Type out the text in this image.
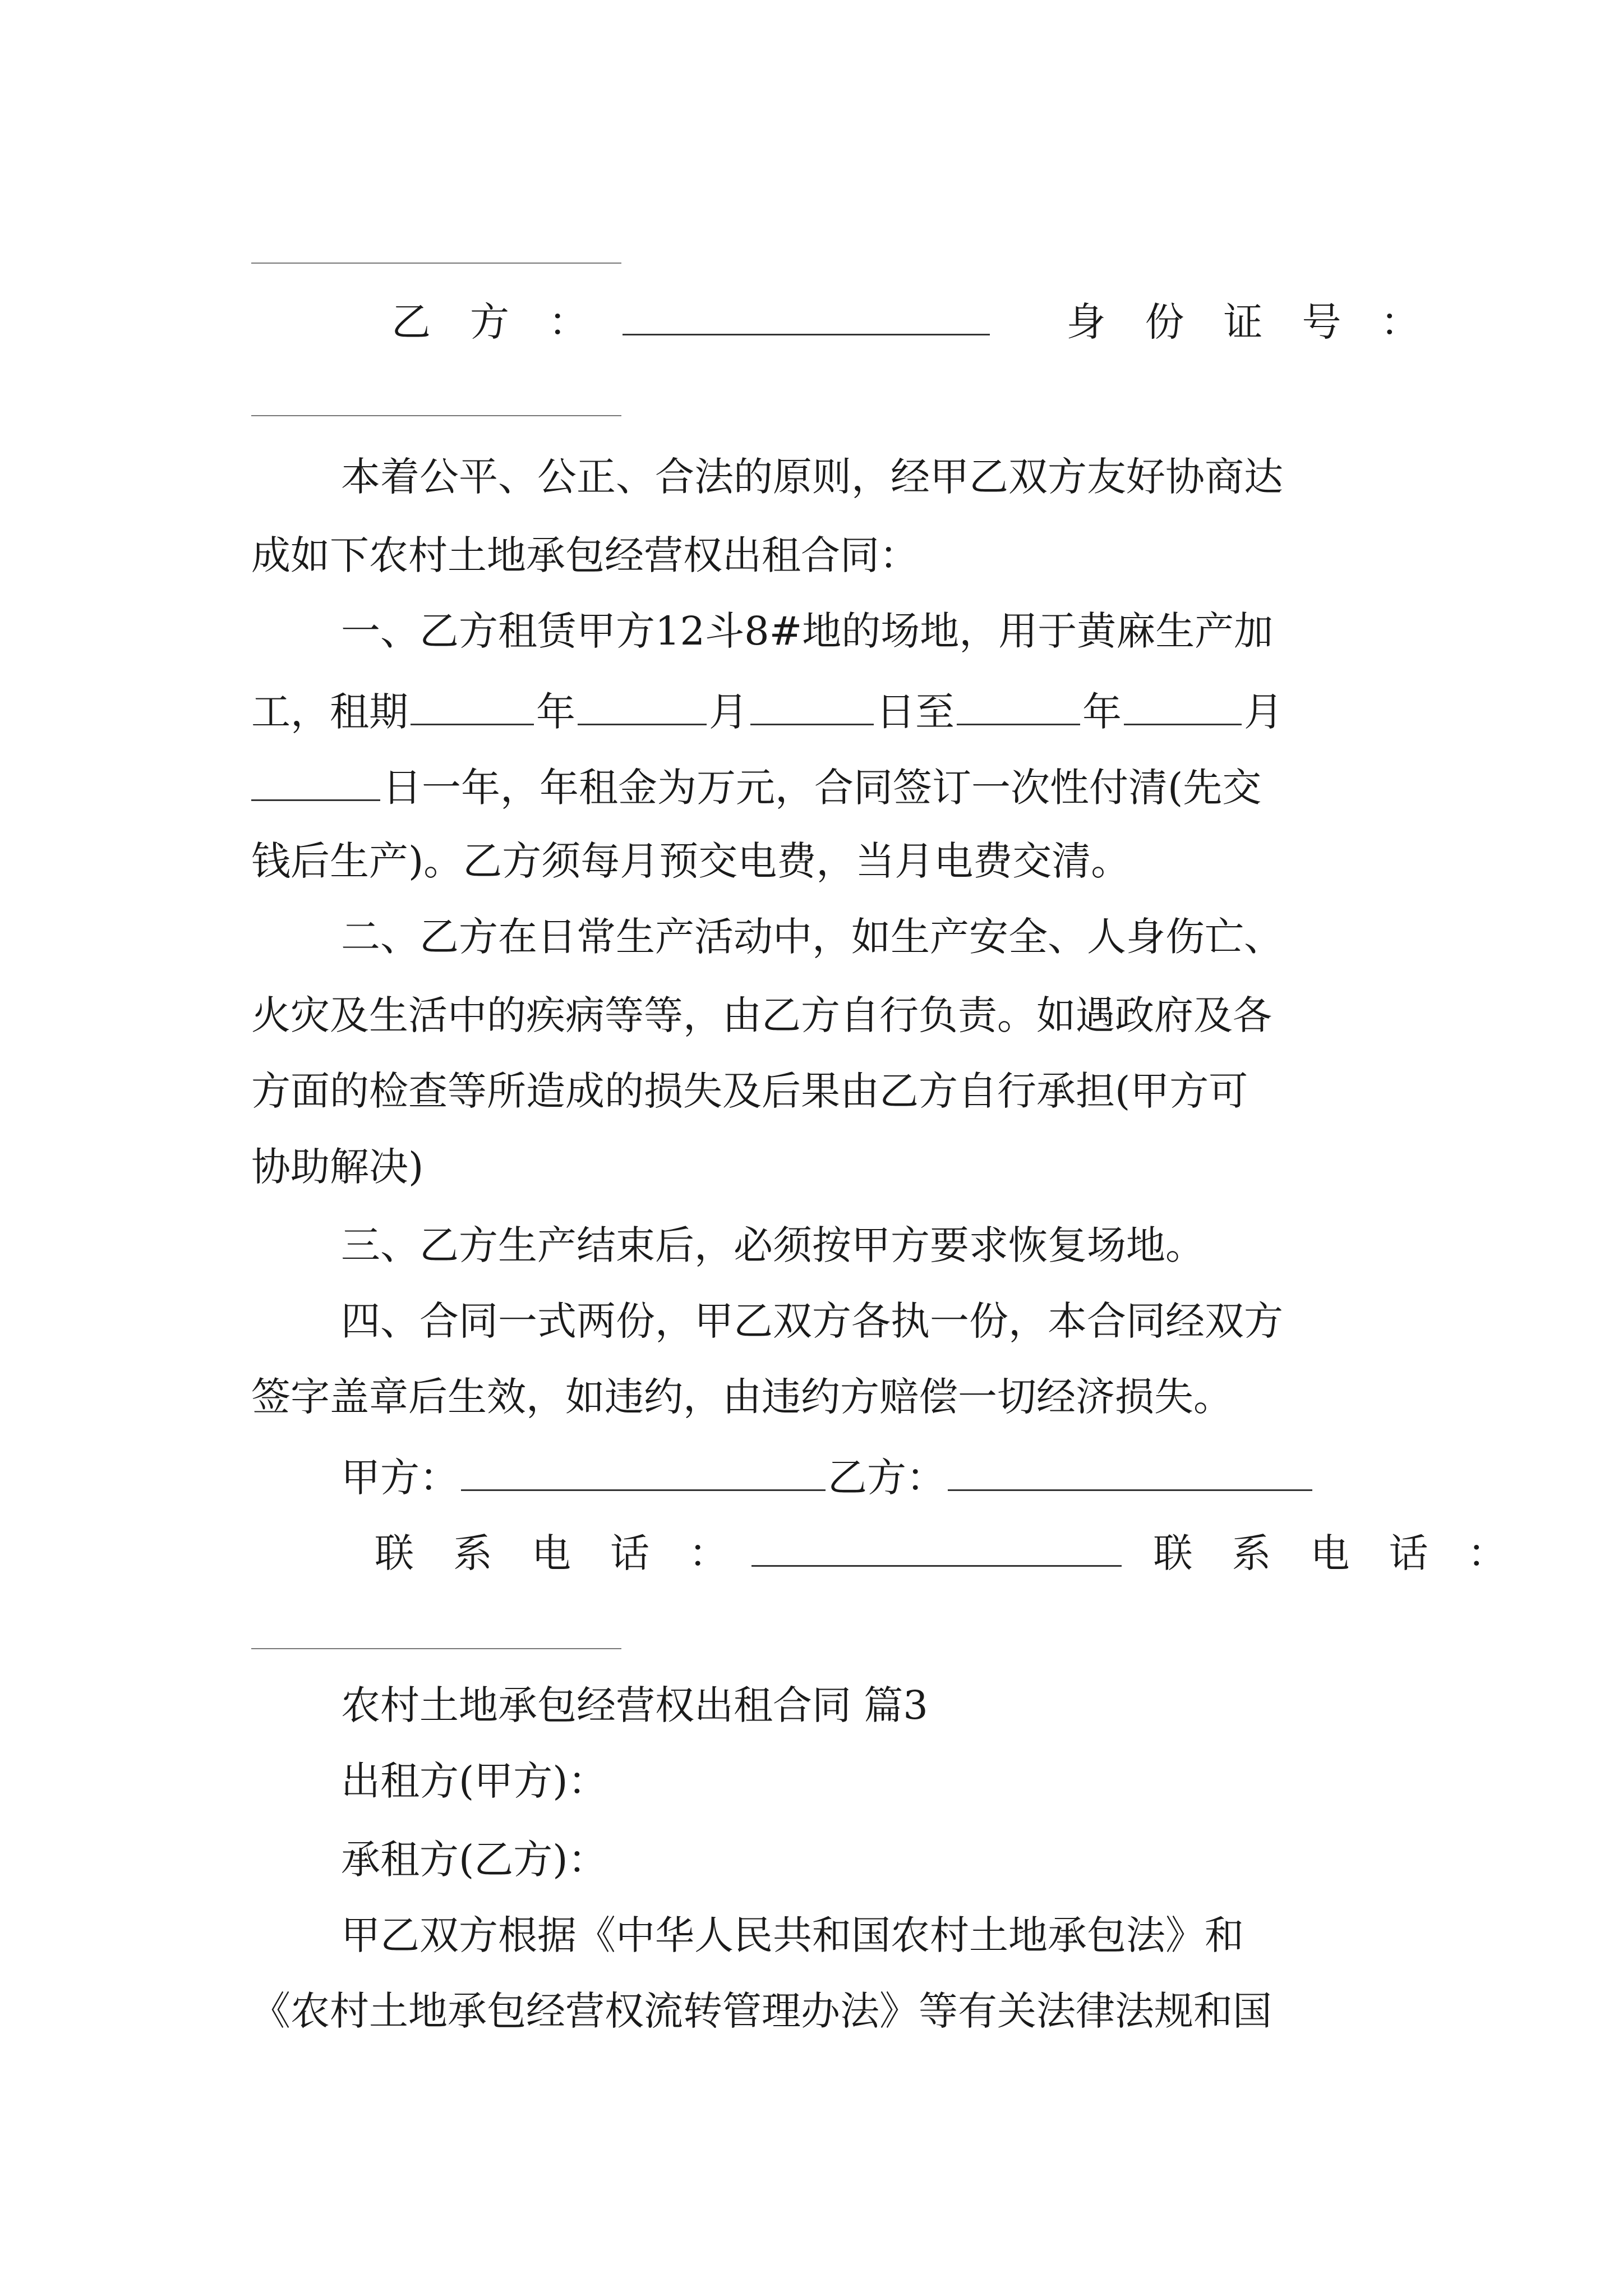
乙　方　：	身　份　证　号　：
本着公平、公正、合法的原则，经甲乙双方友好协商达
成如下农村土地承包经营权出租合同：
一、乙方租赁甲方12斗8#地的场地，用于黄麻生产加
工，租期	年	月	日至	年	月
日一年，年租金为万元，合同签订一次性付清(先交
钱后生产)。乙方须每月预交电费，当月电费交清。
二、乙方在日常生产活动中，如生产安全、人身伤亡、
火灾及生活中的疾病等等，由乙方自行负责。如遇政府及各
方面的检查等所造成的损失及后果由乙方自行承担(甲方可
协助解决)
三、乙方生产结束后，必须按甲方要求恢复场地。
四、合同一式两份，甲乙双方各执一份，本合同经双方
签字盖章后生效，如违约，由违约方赔偿一切经济损失。
甲方：	乙方：
联　系　电　话　：	联　系　电　话　：
农村土地承包经营权出租合同 篇3
出租方(甲方)：
承租方(乙方)：
甲乙双方根据《中华人民共和国农村土地承包法》和
《农村土地承包经营权流转管理办法》等有关法律法规和国
